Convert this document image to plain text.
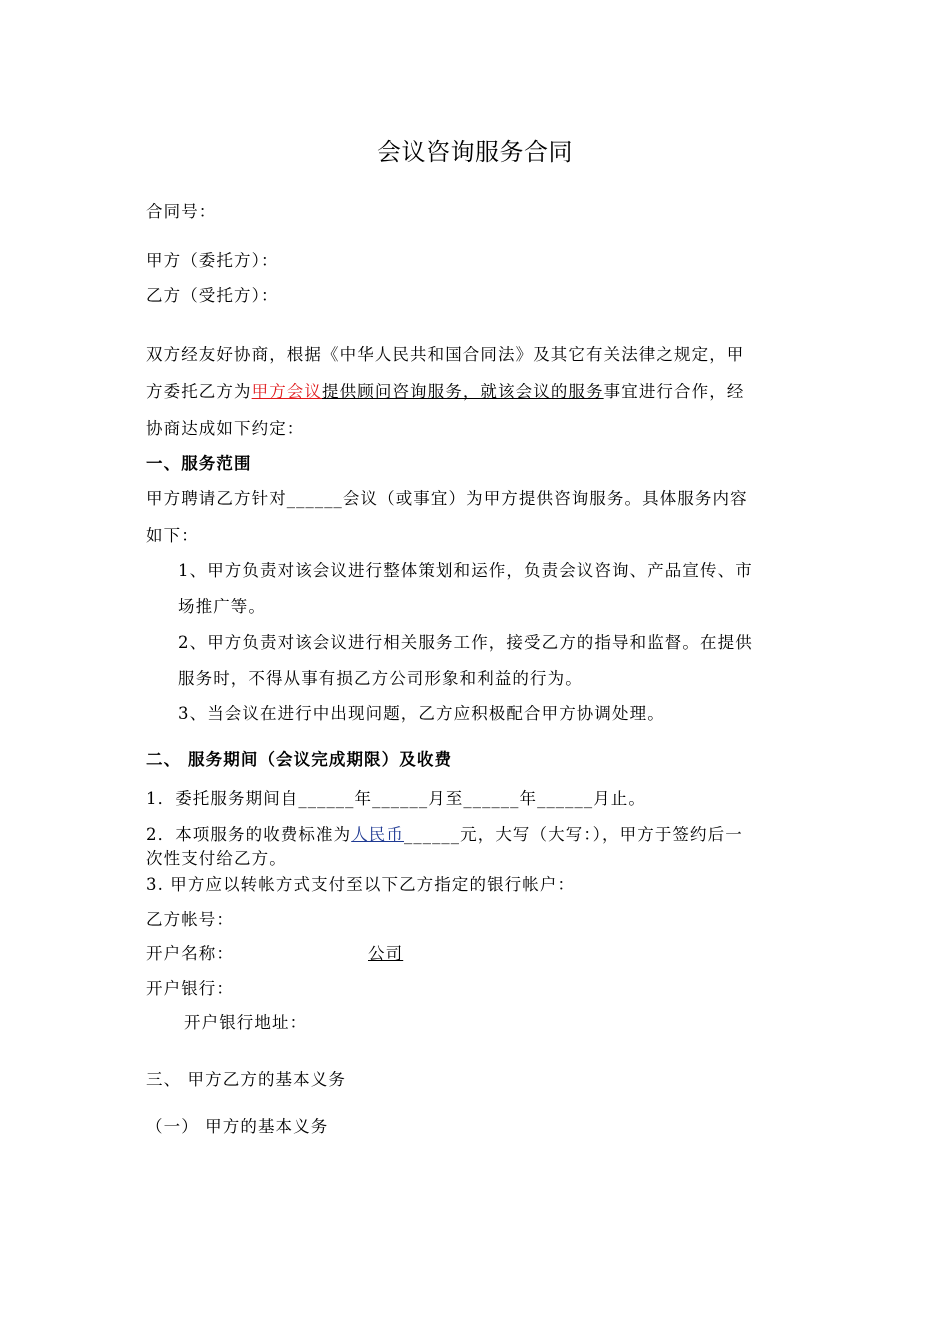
会议咨询服务合同
合同号：
甲方（委托方）：
乙方（受托方）：
双方经友好协商，根据《中华人民共和国合同法》及其它有关法律之规定，甲
方委托乙方为甲方会议提供顾问咨询服务，就该会议的服务事宜进行合作，经
协商达成如下约定：
一、服务范围
甲方聘请乙方针对______会议（或事宜）为甲方提供咨询服务。具体服务内容
如下：
1、甲方负责对该会议进行整体策划和运作，负责会议咨询、产品宣传、市
场推广等。
2、甲方负责对该会议进行相关服务工作，接受乙方的指导和监督。在提供
服务时，不得从事有损乙方公司形象和利益的行为。
3、当会议在进行中出现问题，乙方应积极配合甲方协调处理。
二、 服务期间（会议完成期限）及收费
1．委托服务期间自______年______月至______年______月止。
2．本项服务的收费标准为人民币______元，大写（大写：），甲方于签约后一
次性支付给乙方。
3. 甲方应以转帐方式支付至以下乙方指定的银行帐户：
乙方帐号：
开户名称：	公司
开户银行：
开户银行地址：
三、 甲方乙方的基本义务
（一） 甲方的基本义务
